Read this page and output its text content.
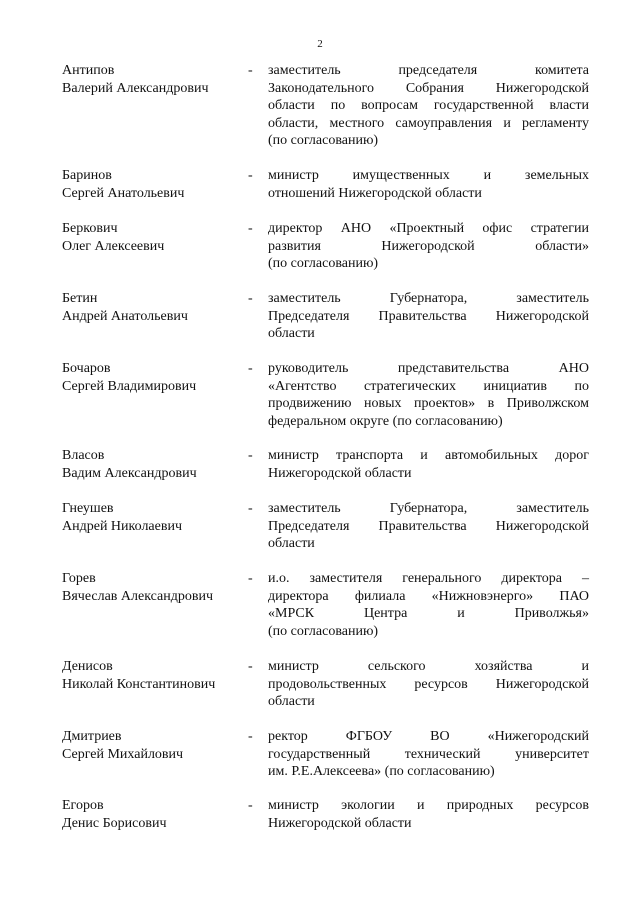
2
Антипов
Валерий Александрович
-	заместитель председателя комитета
Законодательного Собрания Нижегородской
области по вопросам государственной власти
области, местного самоуправления и регламенту
(по согласованию)
Баринов
Сергей Анатольевич
-	министр имущественных и земельных
отношений Нижегородской области
Беркович
Олег Алексеевич
-	директор АНО «Проектный офис стратегии
развития Нижегородской области»
(по согласованию)
Бетин
Андрей Анатольевич
-	заместитель Губернатора, заместитель
Председателя Правительства Нижегородской
области
Бочаров
Сергей Владимирович
-	руководитель представительства АНО
«Агентство стратегических инициатив по
продвижению новых проектов» в Приволжском
федеральном округе (по согласованию)
Власов
Вадим Александрович
-	министр транспорта и автомобильных дорог
Нижегородской области
Гнеушев
Андрей Николаевич
-	заместитель Губернатора, заместитель
Председателя Правительства Нижегородской
области
Горев
Вячеслав Александрович
-	и.о. заместителя генерального директора –
директора филиала «Нижновэнерго» ПАО
«МРСК Центра и Приволжья»
(по согласованию)
Денисов
Николай Константинович
-	министр сельского хозяйства и
продовольственных ресурсов Нижегородской
области
Дмитриев
Сергей Михайлович
-	ректор ФГБОУ ВО «Нижегородский
государственный технический университет
им. Р.Е.Алексеева» (по согласованию)
Егоров
Денис Борисович
-	министр экологии и природных ресурсов
Нижегородской области
